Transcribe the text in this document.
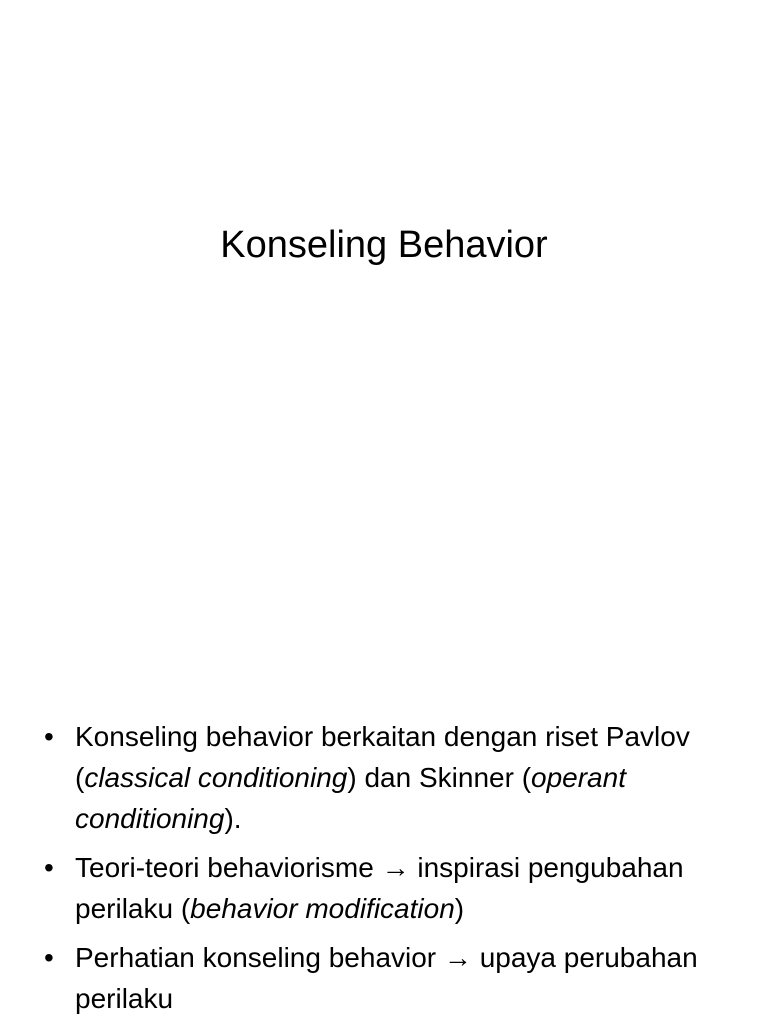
Konseling Behavior
• Konseling behavior berkaitan dengan riset Pavlov (classical conditioning) dan Skinner (operant conditioning).
• Teori-teori behaviorisme → inspirasi pengubahan perilaku (behavior modification)
• Perhatian konseling behavior → upaya perubahan perilaku
